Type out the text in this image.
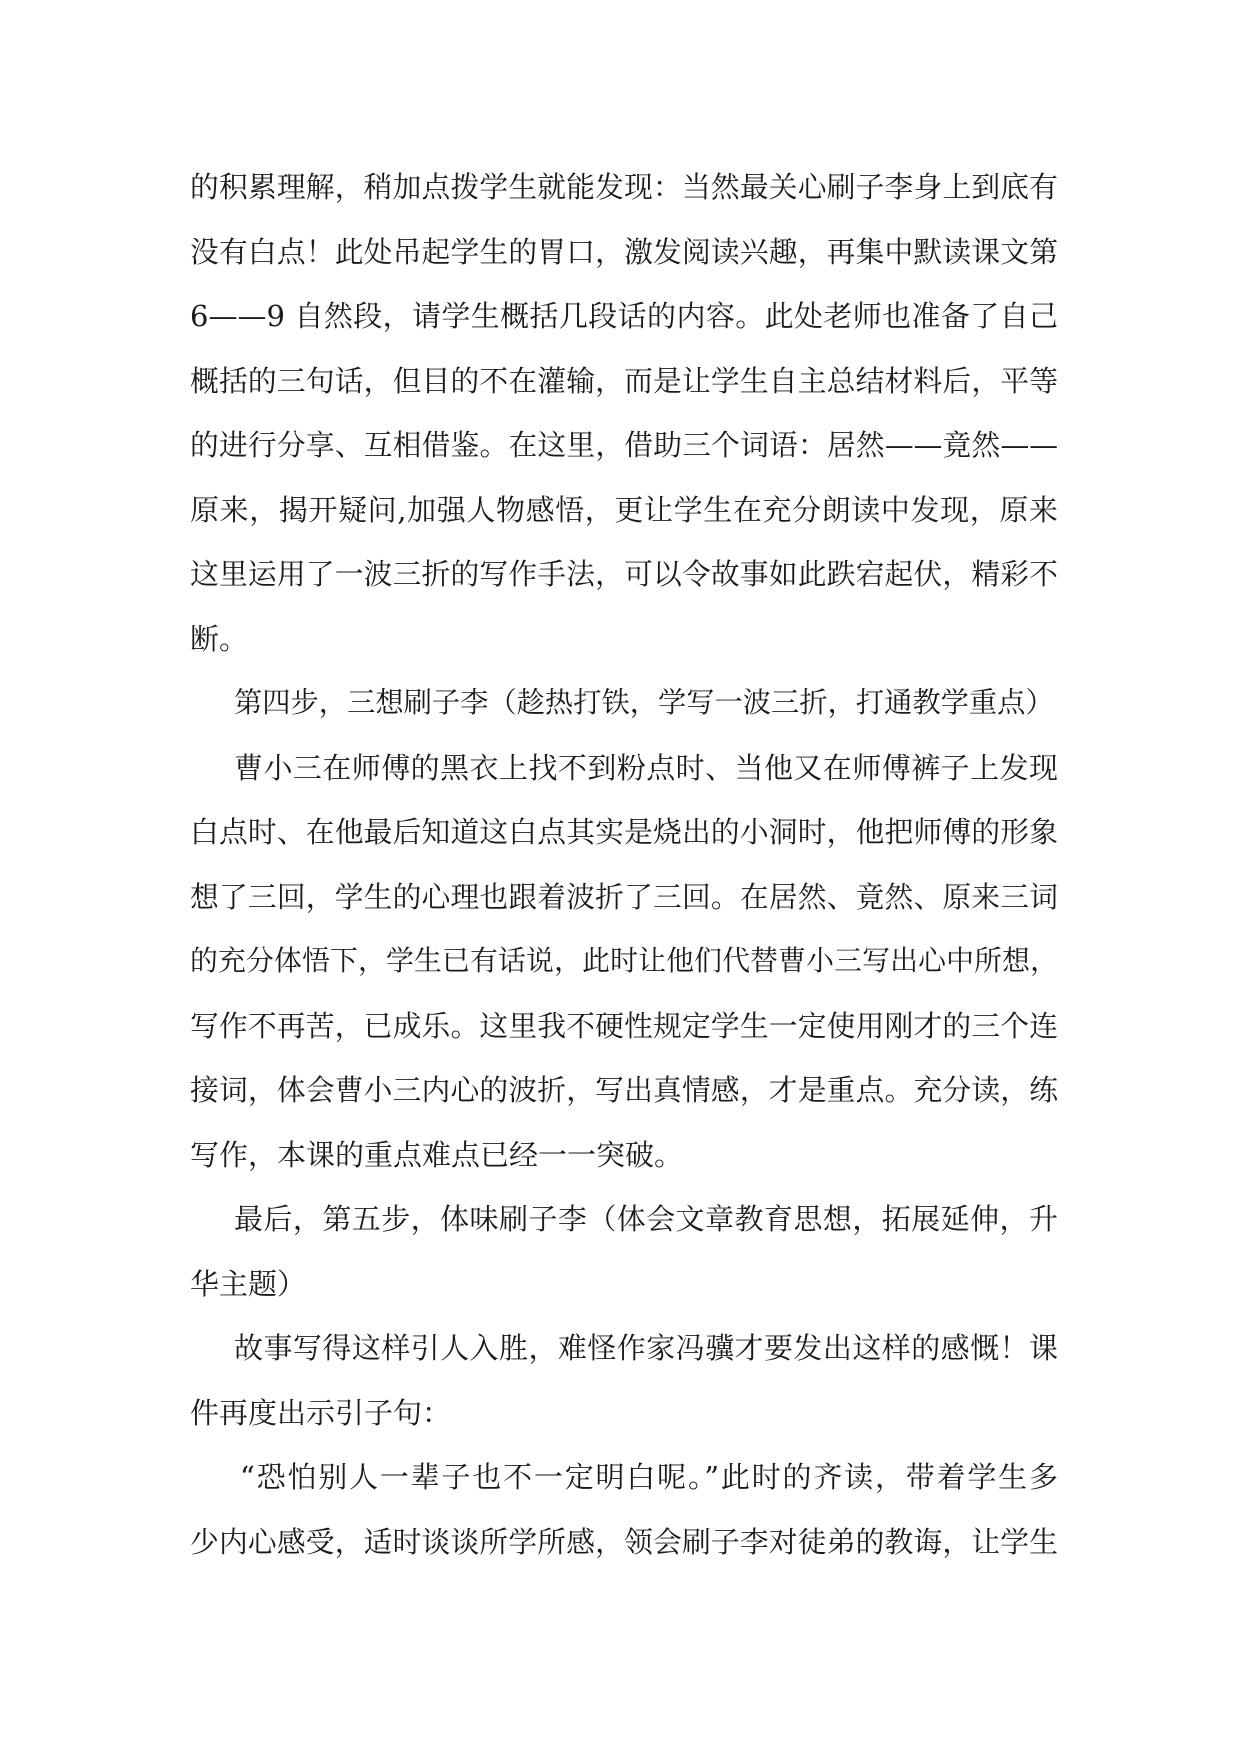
的积累理解，稍加点拨学生就能发现：当然最关心刷子李身上到底有
没有白点！此处吊起学生的胃口，激发阅读兴趣，再集中默读课文第
6——9 自然段，请学生概括几段话的内容。此处老师也准备了自己
概括的三句话，但目的不在灌输，而是让学生自主总结材料后，平等
的进行分享、互相借鉴。在这里，借助三个词语：居然——竟然——
原来，揭开疑问,加强人物感悟，更让学生在充分朗读中发现，原来
这里运用了一波三折的写作手法，可以令故事如此跌宕起伏，精彩不
断。
第四步，三想刷子李（趁热打铁，学写一波三折，打通教学重点）
曹小三在师傅的黑衣上找不到粉点时、当他又在师傅裤子上发现
白点时、在他最后知道这白点其实是烧出的小洞时，他把师傅的形象
想了三回，学生的心理也跟着波折了三回。在居然、竟然、原来三词
的充分体悟下，学生已有话说，此时让他们代替曹小三写出心中所想，
写作不再苦，已成乐。这里我不硬性规定学生一定使用刚才的三个连
接词，体会曹小三内心的波折，写出真情感，才是重点。充分读，练
写作，本课的重点难点已经一一突破。
最后，第五步，体味刷子李（体会文章教育思想，拓展延伸，升
华主题）
故事写得这样引人入胜，难怪作家冯骥才要发出这样的感慨！课
件再度出示引子句：
“恐怕别人一辈子也不一定明白呢。”此时的齐读，带着学生多
少内心感受，适时谈谈所学所感，领会刷子李对徒弟的教诲，让学生
